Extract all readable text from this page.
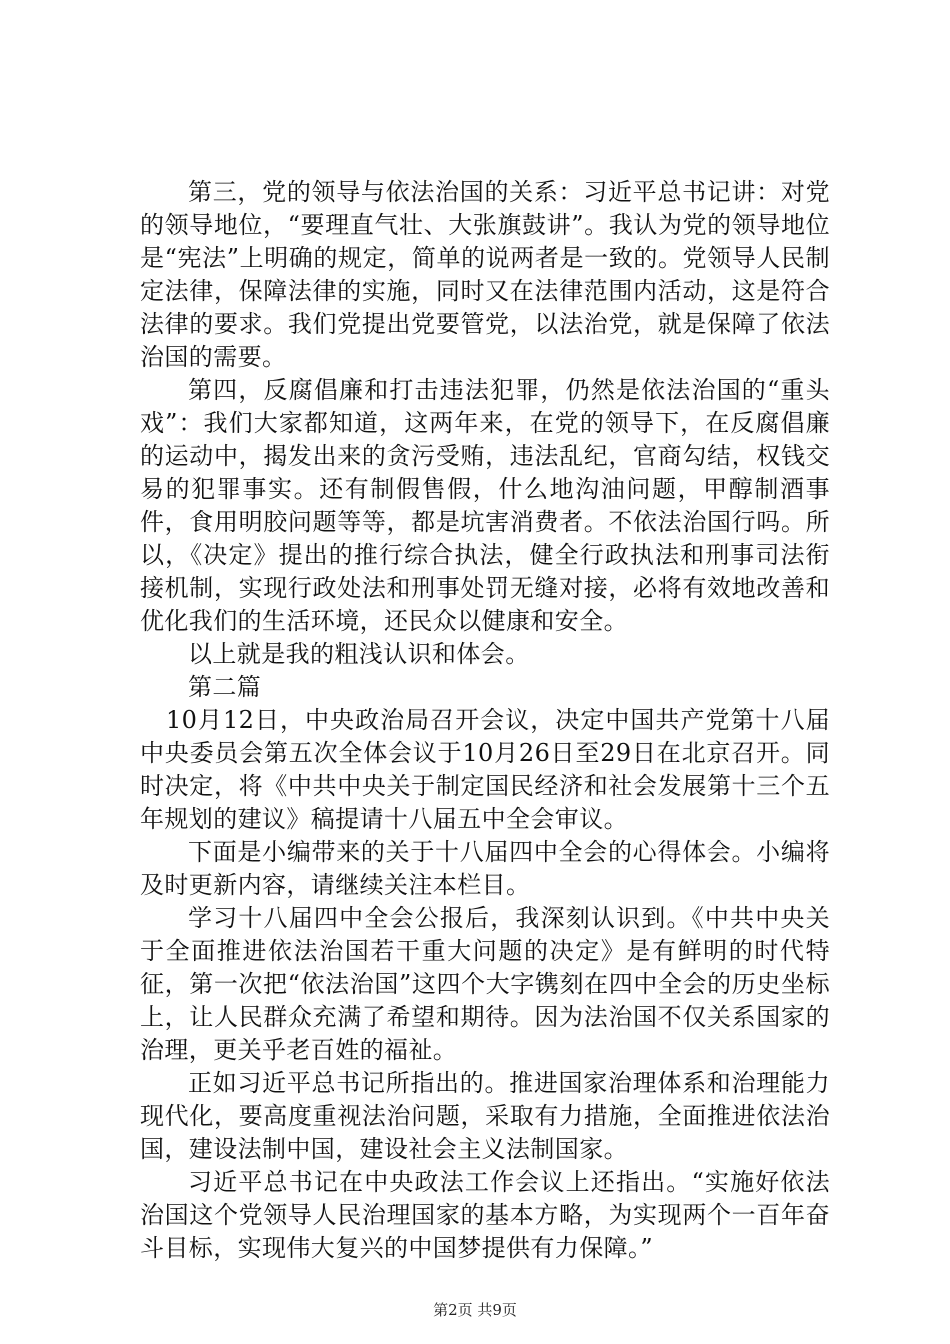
第三，党的领导与依法治国的关系：习近平总书记讲：对党的领导地位，“要理直气壮、大张旗鼓讲”。我认为党的领导地位是“宪法”上明确的规定，简单的说两者是一致的。党领导人民制定法律，保障法律的实施，同时又在法律范围内活动，这是符合法律的要求。我们党提出党要管党，以法治党，就是保障了依法治国的需要。

第四，反腐倡廉和打击违法犯罪，仍然是依法治国的“重头戏”：我们大家都知道，这两年来，在党的领导下，在反腐倡廉的运动中，揭发出来的贪污受贿，违法乱纪，官商勾结，权钱交易的犯罪事实。还有制假售假，什么地沟油问题，甲醇制酒事件，食用明胶问题等等，都是坑害消费者。不依法治国行吗。所以，《决定》提出的推行综合执法，健全行政执法和刑事司法衔接机制，实现行政处法和刑事处罚无缝对接，必将有效地改善和优化我们的生活环境，还民众以健康和安全。

以上就是我的粗浅认识和体会。

第二篇

10月12日，中央政治局召开会议，决定中国共产党第十八届中央委员会第五次全体会议于10月26日至29日在北京召开。同时决定，将《中共中央关于制定国民经济和社会发展第十三个五年规划的建议》稿提请十八届五中全会审议。

下面是小编带来的关于十八届四中全会的心得体会。小编将及时更新内容，请继续关注本栏目。

学习十八届四中全会公报后，我深刻认识到。《中共中央关于全面推进依法治国若干重大问题的决定》是有鲜明的时代特征，第一次把“依法治国”这四个大字镌刻在四中全会的历史坐标上，让人民群众充满了希望和期待。因为法治国不仅关系国家的治理，更关乎老百姓的福祉。

正如习近平总书记所指出的。推进国家治理体系和治理能力现代化，要高度重视法治问题，采取有力措施，全面推进依法治国，建设法制中国，建设社会主义法制国家。

习近平总书记在中央政法工作会议上还指出。“实施好依法治国这个党领导人民治理国家的基本方略，为实现两个一百年奋斗目标，实现伟大复兴的中国梦提供有力保障。”

第2页 共9页
